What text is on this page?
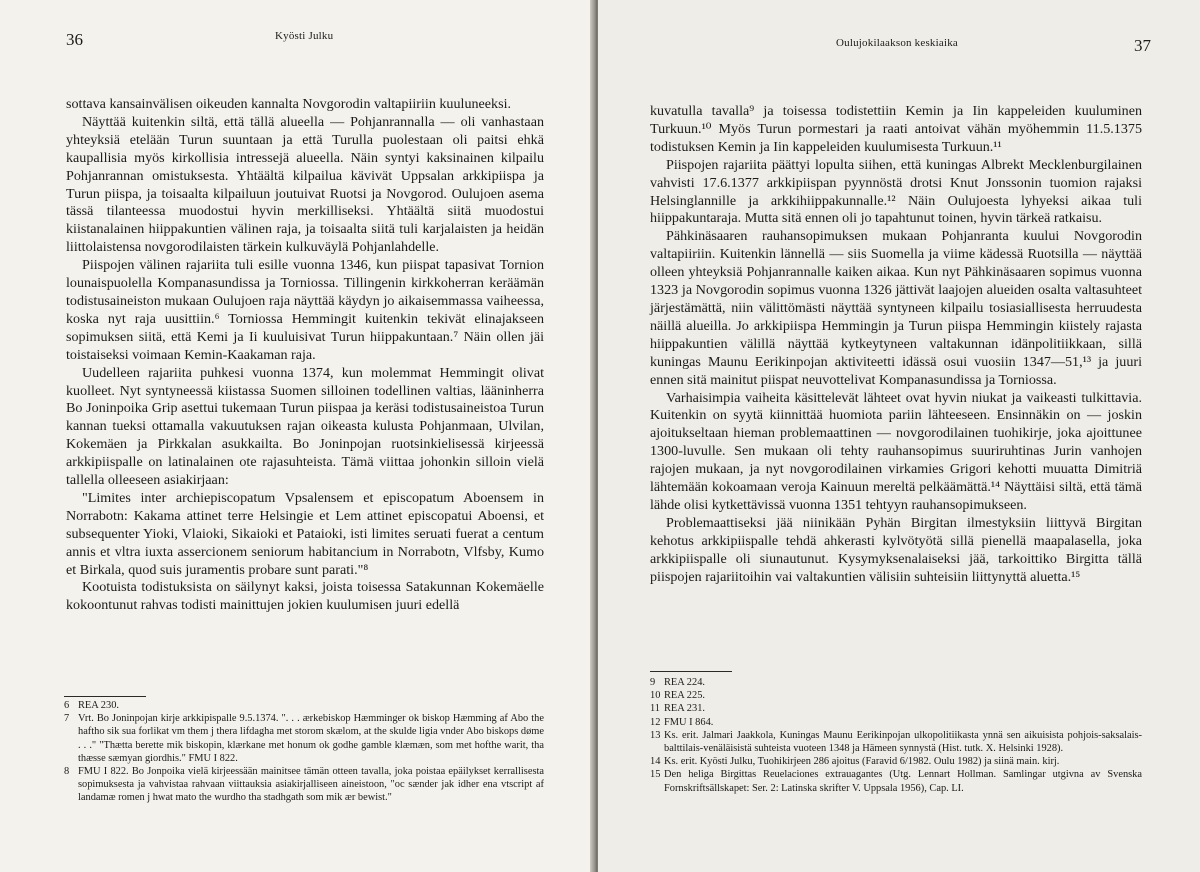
36	Kyösti Julku

sottava kansainvälisen oikeuden kannalta Novgorodin valtapiiriin kuuluneeksi.

Näyttää kuitenkin siltä, että tällä alueella — Pohjanrannalla — oli vanhastaan yhteyksiä etelään Turun suuntaan ja että Turulla puolestaan oli paitsi ehkä kaupallisia myös kirkollisia intressejä alueella. Näin syntyi kaksinainen kilpailu Pohjanrannan omistuksesta. Yhtäältä kilpailua kävivät Uppsalan arkkipiispa ja Turun piispa, ja toisaalta kilpailuun joutuivat Ruotsi ja Novgorod. Oulujoen asema tässä tilanteessa muodostui hyvin merkilliseksi. Yhtäältä siitä muodostui kiistanalainen hiippakuntien välinen raja, ja toisaalta siitä tuli karjalaisten ja heidän liittolaistensa novgorodilaisten tärkein kulkuväylä Pohjanlahdelle.

Piispojen välinen rajariita tuli esille vuonna 1346, kun piispat tapasivat Tornion lounaispuolella Kompanasundissa ja Torniossa. Tillingenin kirkkoherran keräämän todistusaineiston mukaan Oulujoen raja näyttää käydyn jo aikaisemmassa vaiheessa, koska nyt raja uusittiin.⁶ Torniossa Hemmingit kuitenkin tekivät elinajakseen sopimuksen siitä, että Kemi ja Ii kuuluisivat Turun hiippakuntaan.⁷ Näin ollen jäi toistaiseksi voimaan Kemin-Kaakaman raja.

Uudelleen rajariita puhkesi vuonna 1374, kun molemmat Hemmingit olivat kuolleet. Nyt syntyneessä kiistassa Suomen silloinen todellinen valtias, lääninherra Bo Joninpoika Grip asettui tukemaan Turun piispaa ja keräsi todistusaineistoa Turun kannan tueksi ottamalla vakuutuksen rajan oikeasta kulusta Pohjanmaan, Ulvilan, Kokemäen ja Pirkkalan asukkailta. Bo Joninpojan ruotsinkielisessä kirjeessä arkkipiispalle on latinalainen ote rajasuhteista. Tämä viittaa johonkin silloin vielä tallella olleeseen asiakirjaan:

"Limites inter archiepiscopatum Vpsalensem et episcopatum Aboensem in Norrabotn: Kakama attinet terre Helsingie et Lem attinet episcopatui Aboensi, et subsequenter Yioki, Vlaioki, Sikaioki et Pataioki, isti limites seruati fuerat a centum annis et vltra iuxta assercionem seniorum habitancium in Norrabotn, Vlfsby, Kumo et Birkala, quod suis juramentis probare sunt parati."⁸

Kootuista todistuksista on säilynyt kaksi, joista toisessa Satakunnan Kokemäelle kokoontunut rahvas todisti mainittujen jokien kuulumisen juuri edellä

6 REA 230.
7 Vrt. Bo Joninpojan kirje arkkipispalle 9.5.1374. ". . . ærkebiskop Hæmminger ok biskop Hæmming af Abo the haftho sik sua forlikat vm them j thera lifdagha met storom skælom, at the skulde ligia vnder Abo biskops døme . . ." "Thætta berette mik biskopin, klærkane met honum ok godhe gamble klæmæn, som met hofthe warit, tha thæsse sæmyan giordhis." FMU I 822.
8 FMU I 822. Bo Jonpoika vielä kirjeessään mainitsee tämän otteen tavalla, joka poistaa epäilykset kerrallisesta sopimuksesta ja vahvistaa rahvaan viittauksia asiakirjalliseen aineistoon, "oc sænder jak idher ena vtscript af landamæ romen j hwat mato the wurdho tha stadhgath som mik ær bewist."
Oulujokilaakson keskiaika	37

kuvatulla tavalla⁹ ja toisessa todistettiin Kemin ja Iin kappeleiden kuuluminen Turkuun.¹⁰ Myös Turun pormestari ja raati antoivat vähän myöhemmin 11.5.1375 todistuksen Kemin ja Iin kappeleiden kuulumisesta Turkuun.¹¹

Piispojen rajariita päättyi lopulta siihen, että kuningas Albrekt Mecklenburgilainen vahvisti 17.6.1377 arkkipiispan pyynnöstä drotsi Knut Jonssonin tuomion rajaksi Helsinglannille ja arkkihiippakunnalle.¹² Näin Oulujoesta lyhyeksi aikaa tuli hiippakuntaraja. Mutta sitä ennen oli jo tapahtunut toinen, hyvin tärkeä ratkaisu.

Pähkinäsaaren rauhansopimuksen mukaan Pohjanranta kuului Novgorodin valtapiiriin. Kuitenkin lännellä — siis Suomella ja viime kädessä Ruotsilla — näyttää olleen yhteyksiä Pohjanrannalle kaiken aikaa. Kun nyt Pähkinäsaaren sopimus vuonna 1323 ja Novgorodin sopimus vuonna 1326 jättivät laajojen alueiden osalta valtasuhteet järjestämättä, niin välittömästi näyttää syntyneen kilpailu tosiasiallisesta herruudesta näillä alueilla. Jo arkkipiispa Hemmingin ja Turun piispa Hemmingin kiistely rajasta hiippakuntien välillä näyttää kytkeytyneen valtakunnan idänpolitiikkaan, sillä kuningas Maunu Eerikinpojan aktiviteetti idässä osui vuosiin 1347—51,¹³ ja juuri ennen sitä mainitut piispat neuvottelivat Kompanasundissa ja Torniossa.

Varhaisimpia vaiheita käsittelevät lähteet ovat hyvin niukat ja vaikeasti tulkittavia. Kuitenkin on syytä kiinnittää huomiota pariin lähteeseen. Ensinnäkin on — joskin ajoitukseltaan hieman problemaattinen — novgorodilainen tuohikirje, joka ajoittunee 1300-luvulle. Sen mukaan oli tehty rauhansopimus suuriruhtinas Jurin vanhojen rajojen mukaan, ja nyt novgorodilainen virkamies Grigori kehotti muuatta Dimitriä lähtemään kokoamaan veroja Kainuun mereltä pelkäämättä.¹⁴ Näyttäisi siltä, että tämä lähde olisi kytkettävissä vuonna 1351 tehtyyn rauhansopimukseen.

Problemaattiseksi jää niinikään Pyhän Birgitan ilmestyksiin liittyvä Birgitan kehotus arkkipiispalle tehdä ahkerasti kylvötyötä sillä pienellä maapalasella, joka arkkipiispalle oli siunautunut. Kysymyksenalaiseksi jää, tarkoittiko Birgitta tällä piispojen rajariitoihin vai valtakuntien välisiin suhteisiin liittynyttä aluetta.¹⁵

9 REA 224.
10 REA 225.
11 REA 231.
12 FMU I 864.
13 Ks. erit. Jalmari Jaakkola, Kuningas Maunu Eerikinpojan ulkopolitiikasta ynnä sen aikuisista pohjois-saksalais-balttilais-venäläisistä suhteista vuoteen 1348 ja Hämeen synnystä (Hist. tutk. X. Helsinki 1928).
14 Ks. erit. Kyösti Julku, Tuohikirjeen 286 ajoitus (Faravid 6/1982. Oulu 1982) ja siinä main. kirj.
15 Den heliga Birgittas Reuelaciones extrauagantes (Utg. Lennart Hollman. Samlingar utgivna av Svenska Fornskriftsällskapet: Ser. 2: Latinska skrifter V. Uppsala 1956), Cap. LI.
